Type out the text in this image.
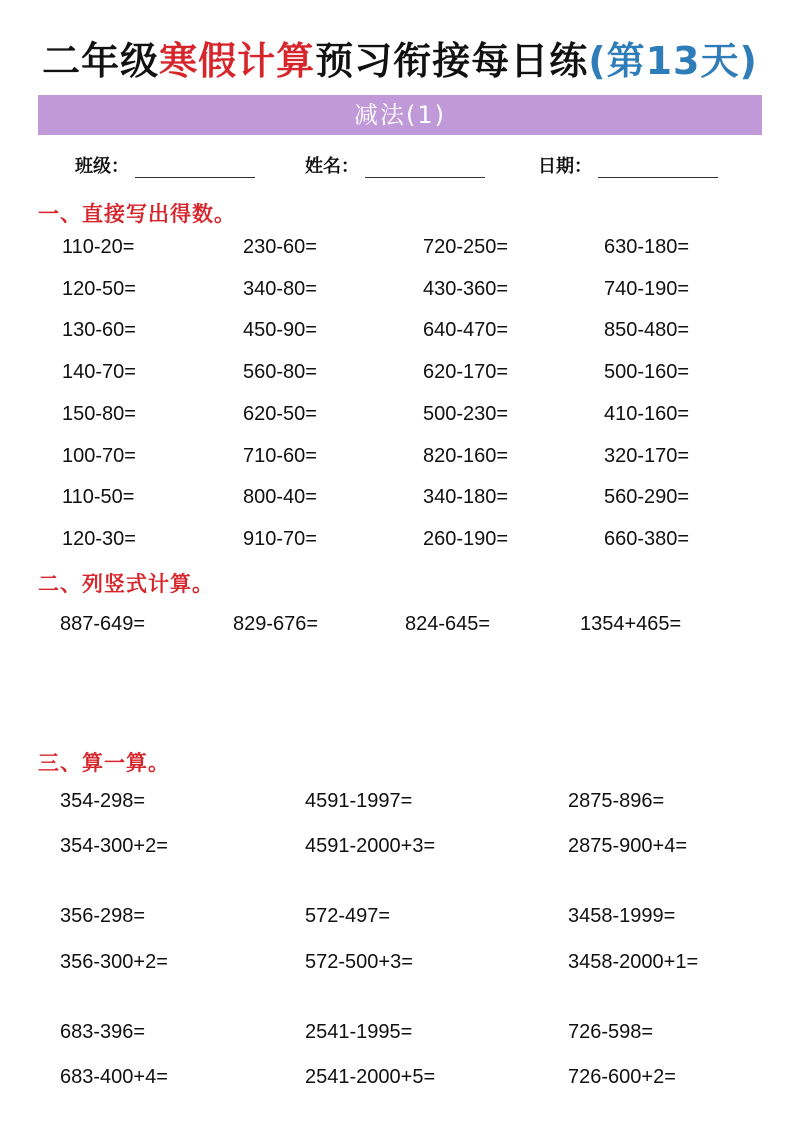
二年级寒假计算预习衔接每日练(第13天)
减法(1)
班级：	姓名：	日期：
一、直接写出得数。
110-20=	230-60=	720-250=	630-180=
120-50=	340-80=	430-360=	740-190=
130-60=	450-90=	640-470=	850-480=
140-70=	560-80=	620-170=	500-160=
150-80=	620-50=	500-230=	410-160=
100-70=	710-60=	820-160=	320-170=
110-50=	800-40=	340-180=	560-290=
120-30=	910-70=	260-190=	660-380=
二、列竖式计算。
887-649=	829-676=	824-645=	1354+465=
三、算一算。
354-298=	4591-1997=	2875-896=
354-300+2=	4591-2000+3=	2875-900+4=
356-298=	572-497=	3458-1999=
356-300+2=	572-500+3=	3458-2000+1=
683-396=	2541-1995=	726-598=
683-400+4=	2541-2000+5=	726-600+2=
